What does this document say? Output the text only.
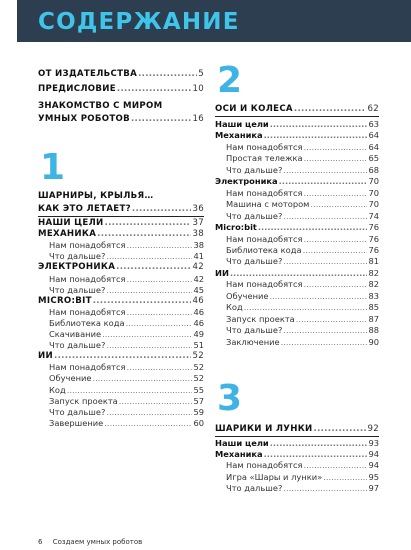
СОДЕРЖАНИЕ
ОТ ИЗДАТЕЛЬСТВА .....	5
ПРЕДИСЛОВИЕ .....	10
ЗНАКОМСТВО С МИРОМ
УМНЫХ РОБОТОВ .....	16
1
ШАРНИРЫ, КРЫЛЬЯ…
КАК ЭТО ЛЕТАЕТ? .....	36
НАШИ ЦЕЛИ .....	37
МЕХАНИКА .....	38
Нам понадобятся .....	38
Что дальше? .....	41
ЭЛЕКТРОНИКА .....	42
Нам понадобятся .....	42
Что дальше? .....	45
MICRO:BIT .....	46
Нам понадобятся .....	46
Библиотека кода .....	46
Скачивание .....	49
Что дальше? .....	51
ИИ .....	52
Нам понадобятся .....	52
Обучение .....	52
Код .....	55
Запуск проекта .....	57
Что дальше? .....	59
Завершение .....	60
2
ОСИ И КОЛЕСА .....	62
Наши цели .....	63
Механика .....	64
Нам понадобятся .....	64
Простая тележка .....	65
Что дальше? .....	68
Электроника .....	70
Нам понадобятся .....	70
Машина с мотором .....	70
Что дальше? .....	74
Micro:bit .....	76
Нам понадобятся .....	76
Библиотека кода .....	76
Что дальше? .....	81
ИИ .....	82
Нам понадобятся .....	82
Обучение .....	83
Код .....	85
Запуск проекта .....	87
Что дальше? .....	88
Заключение .....	90
3
ШАРИКИ И ЛУНКИ .....	92
Наши цели .....	93
Механика .....	94
Нам понадобятся .....	94
Игра «Шары и лунки» .....	95
Что дальше? .....	97
6 Создаем умных роботов
